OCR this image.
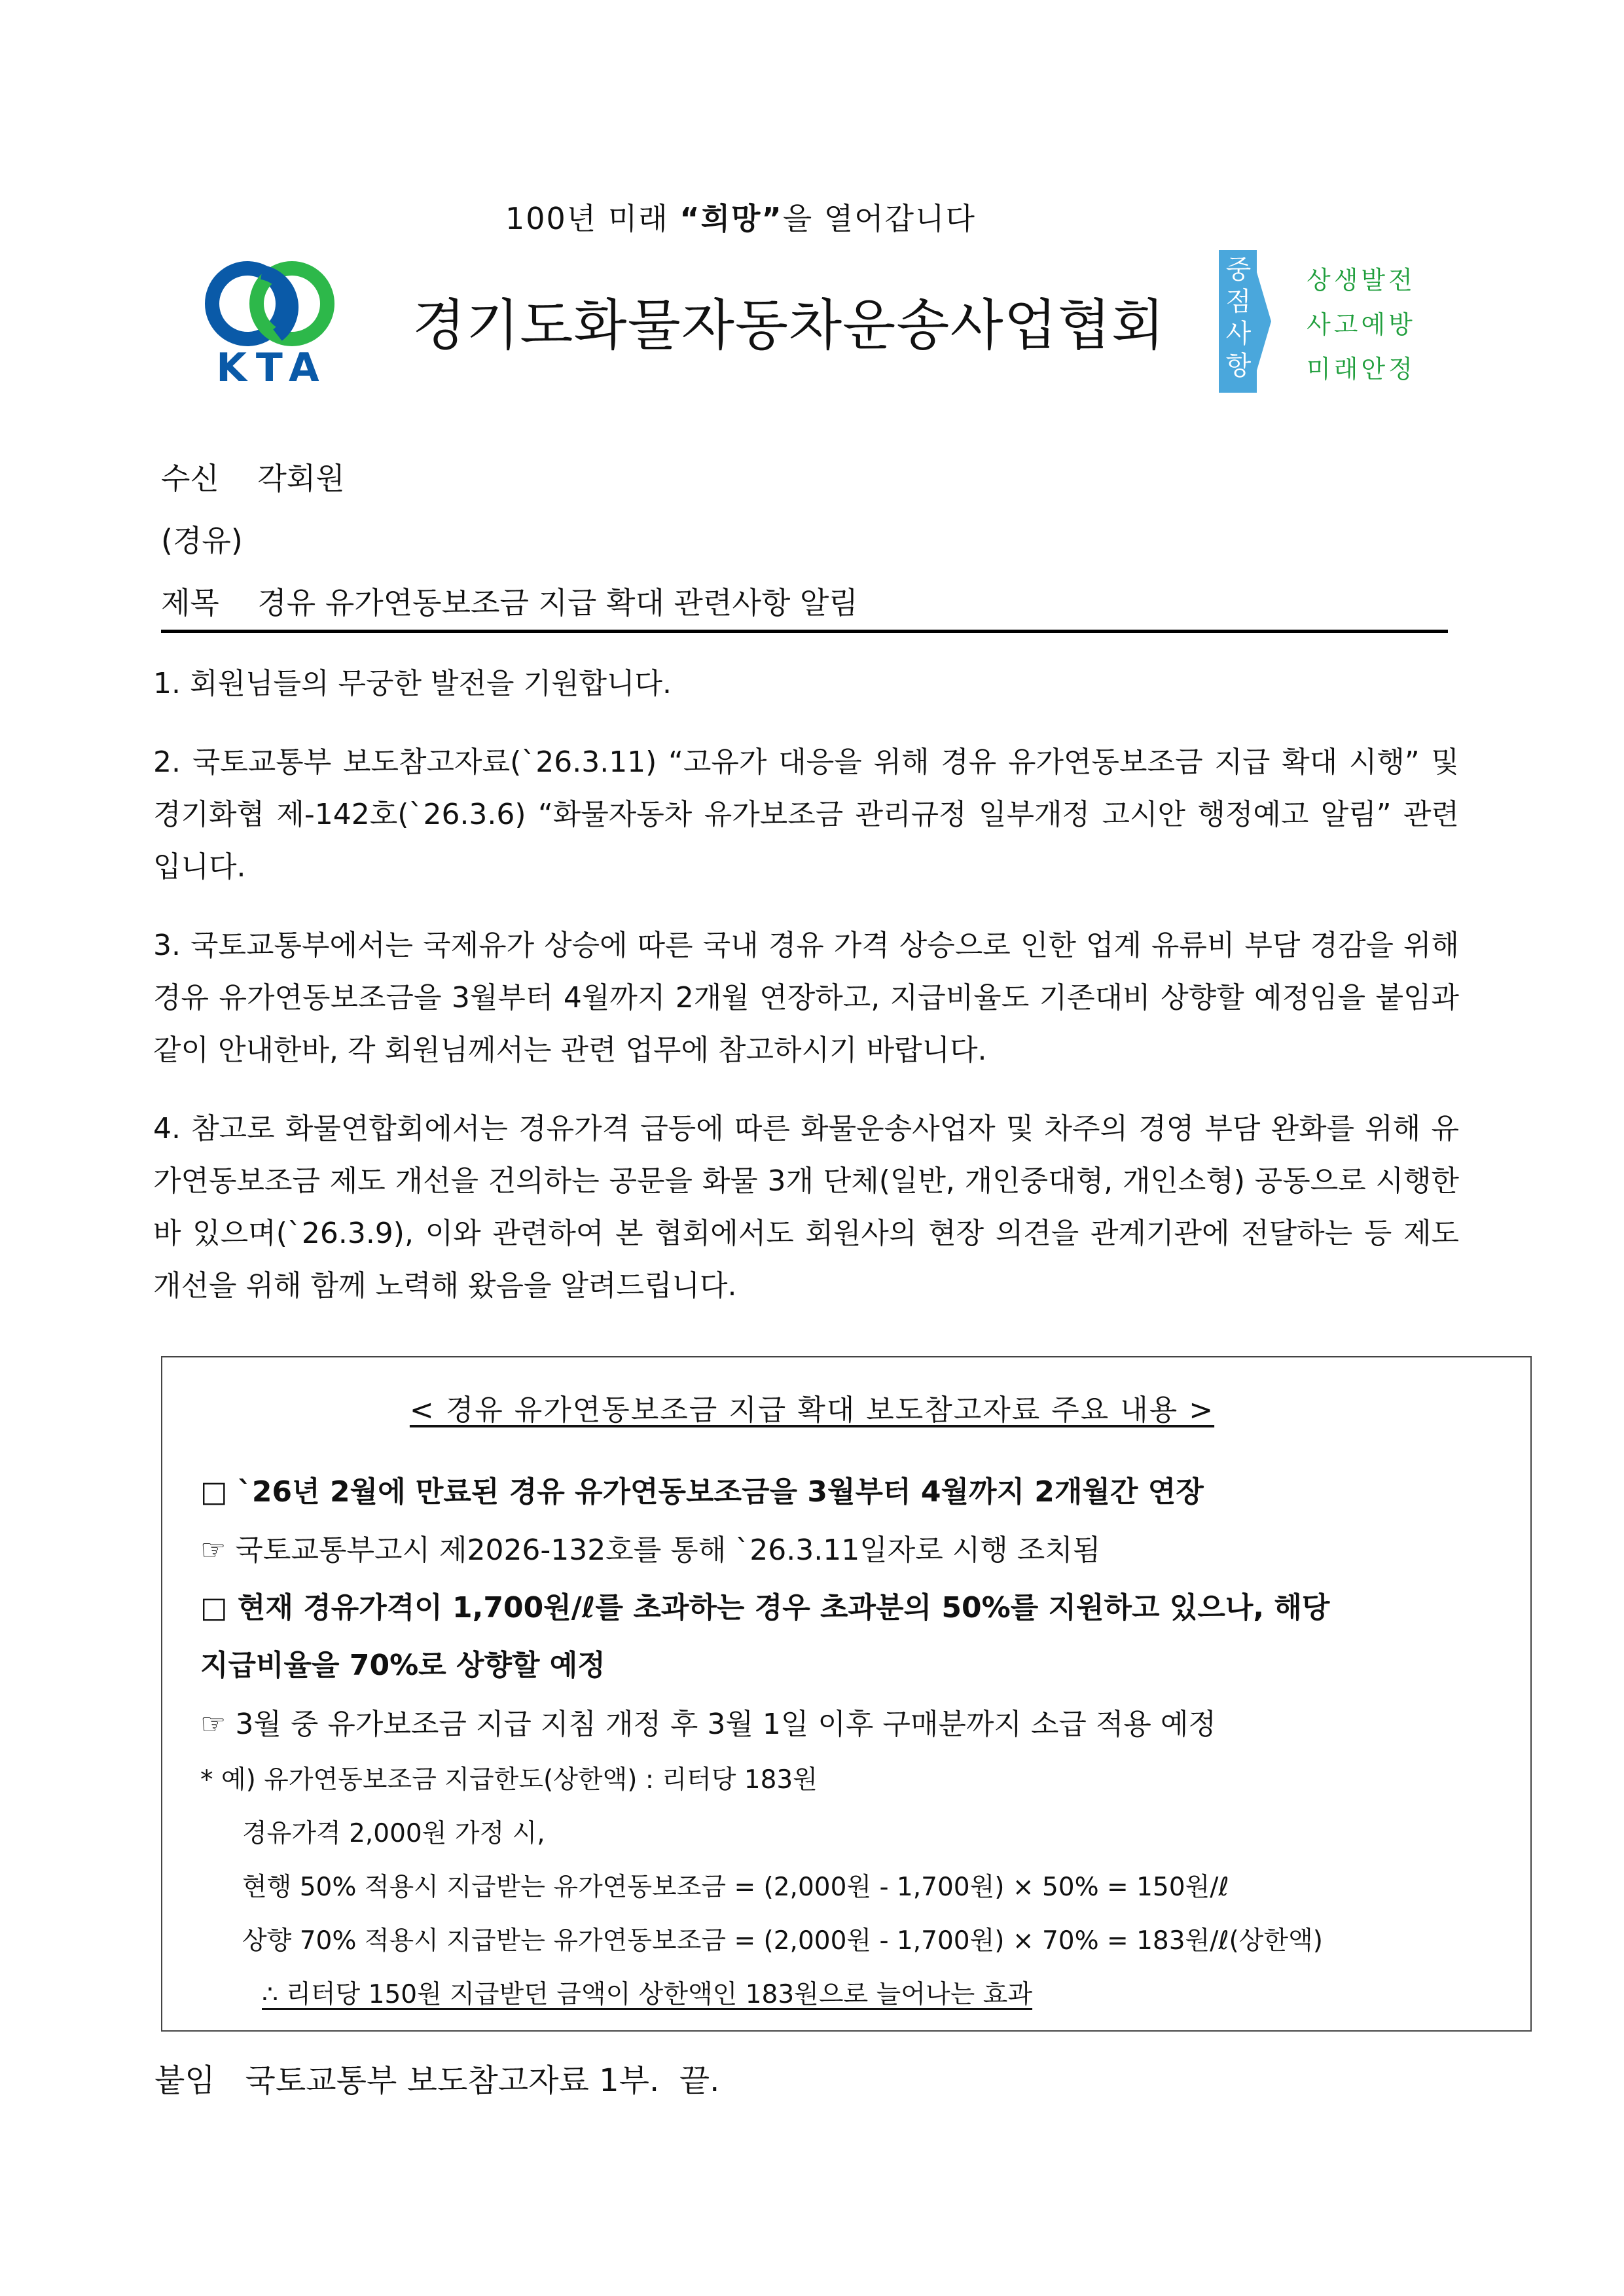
100년 미래 “희망”을 열어갑니다
KTA
경기도화물자동차운송사업협회
중
점
사
항
상생발전
사고예방
미래안정
수신    각회원
(경유)
제목    경유 유가연동보조금 지급 확대 관련사항 알림
1. 회원님들의 무궁한 발전을 기원합니다.
2. 국토교통부 보도참고자료(`26.3.11) “고유가 대응을 위해 경유 유가연동보조금 지급 확대 시행” 및 경기화협 제-142호(`26.3.6) “화물자동차 유가보조금 관리규정 일부개정 고시안 행정예고 알림” 관련입니다.
3. 국토교통부에서는 국제유가 상승에 따른 국내 경유 가격 상승으로 인한 업계 유류비 부담 경감을 위해 경유 유가연동보조금을 3월부터 4월까지 2개월 연장하고, 지급비율도 기존대비 상향할 예정임을 붙임과 같이 안내한바, 각 회원님께서는 관련 업무에 참고하시기 바랍니다.
4. 참고로 화물연합회에서는 경유가격 급등에 따른 화물운송사업자 및 차주의 경영 부담 완화를 위해 유가연동보조금 제도 개선을 건의하는 공문을 화물 3개 단체(일반, 개인중대형, 개인소형) 공동으로 시행한 바 있으며(`26.3.9), 이와 관련하여 본 협회에서도 회원사의 현장 의견을 관계기관에 전달하는 등 제도 개선을 위해 함께 노력해 왔음을 알려드립니다.
< 경유 유가연동보조금 지급 확대 보도참고자료 주요 내용 >
□ `26년 2월에 만료된 경유 유가연동보조금을 3월부터 4월까지 2개월간 연장
☞ 국토교통부고시 제2026-132호를 통해 `26.3.11일자로 시행 조치됨
□ 현재 경유가격이 1,700원/ℓ를 초과하는 경우 초과분의 50%를 지원하고 있으나, 해당
지급비율을 70%로 상향할 예정
☞ 3월 중 유가보조금 지급 지침 개정 후 3월 1일 이후 구매분까지 소급 적용 예정
* 예) 유가연동보조금 지급한도(상한액) : 리터당 183원
경유가격 2,000원 가정 시,
현행 50% 적용시 지급받는 유가연동보조금 = (2,000원 - 1,700원) × 50% = 150원/ℓ
상향 70% 적용시 지급받는 유가연동보조금 = (2,000원 - 1,700원) × 70% = 183원/ℓ(상한액)
∴ 리터당 150원 지급받던 금액이 상한액인 183원으로 늘어나는 효과
붙임   국토교통부 보도참고자료 1부.  끝.
